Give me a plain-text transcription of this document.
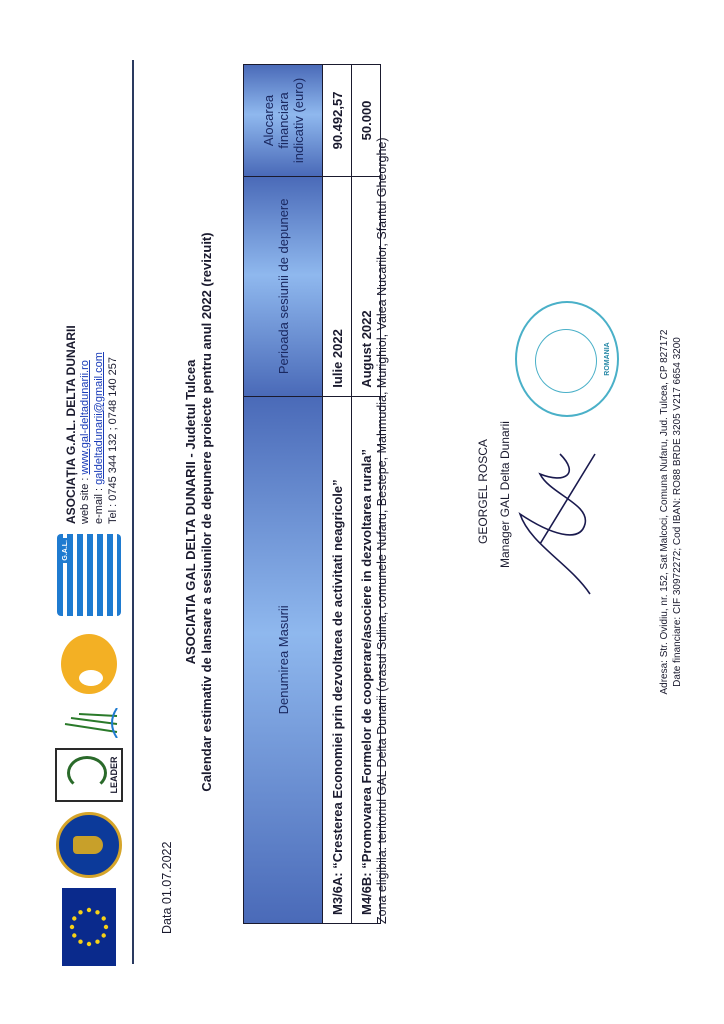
LEADER
G.A.L.
ASOCIAȚIA G.A.L. DELTA DUNARII web site : www.gal-deltadunarii.ro
e-mail : galdeltadunarii@gmail.com Tel : 0745 344 132 ; 0748 140 257
Data 01.07.2022
ASOCIATIA GAL DELTA DUNARII - Judetul Tulcea Calendar estimativ de lansare a sesiunilor de depunere proiecte pentru anul 2022 (revizuit)	Denumirea Masurii	Perioada sesiunii de depunere	Alocarea financiara indicativ (euro)
M3/6A: “Cresterea Economiei prin dezvoltarea de activitati neagricole”	Iulie 2022	90.492,57
M4/6B: “Promovarea Formelor de cooperare/asociere in dezvoltarea rurala”	August 2022	50.000
Zona eligibila: teritoriul GAL Delta Dunarii (orasul Sulina, comunele Nufaru, Bestepe, Mahmudia, Murighiol, Valea Nucarilor, Sfantul Gheorghe)	GEORGEL ROSCA Manager GAL Delta Dunarii
ROMANIA	Adresa: Str. Ovidiu, nr. 152, Sat Malcoci, Comuna Nufaru, Jud. Tulcea, CP 827172 Date financiare: CIF 30972272; Cod IBAN: RO88 BRDE 3205 V217 6654 3200
